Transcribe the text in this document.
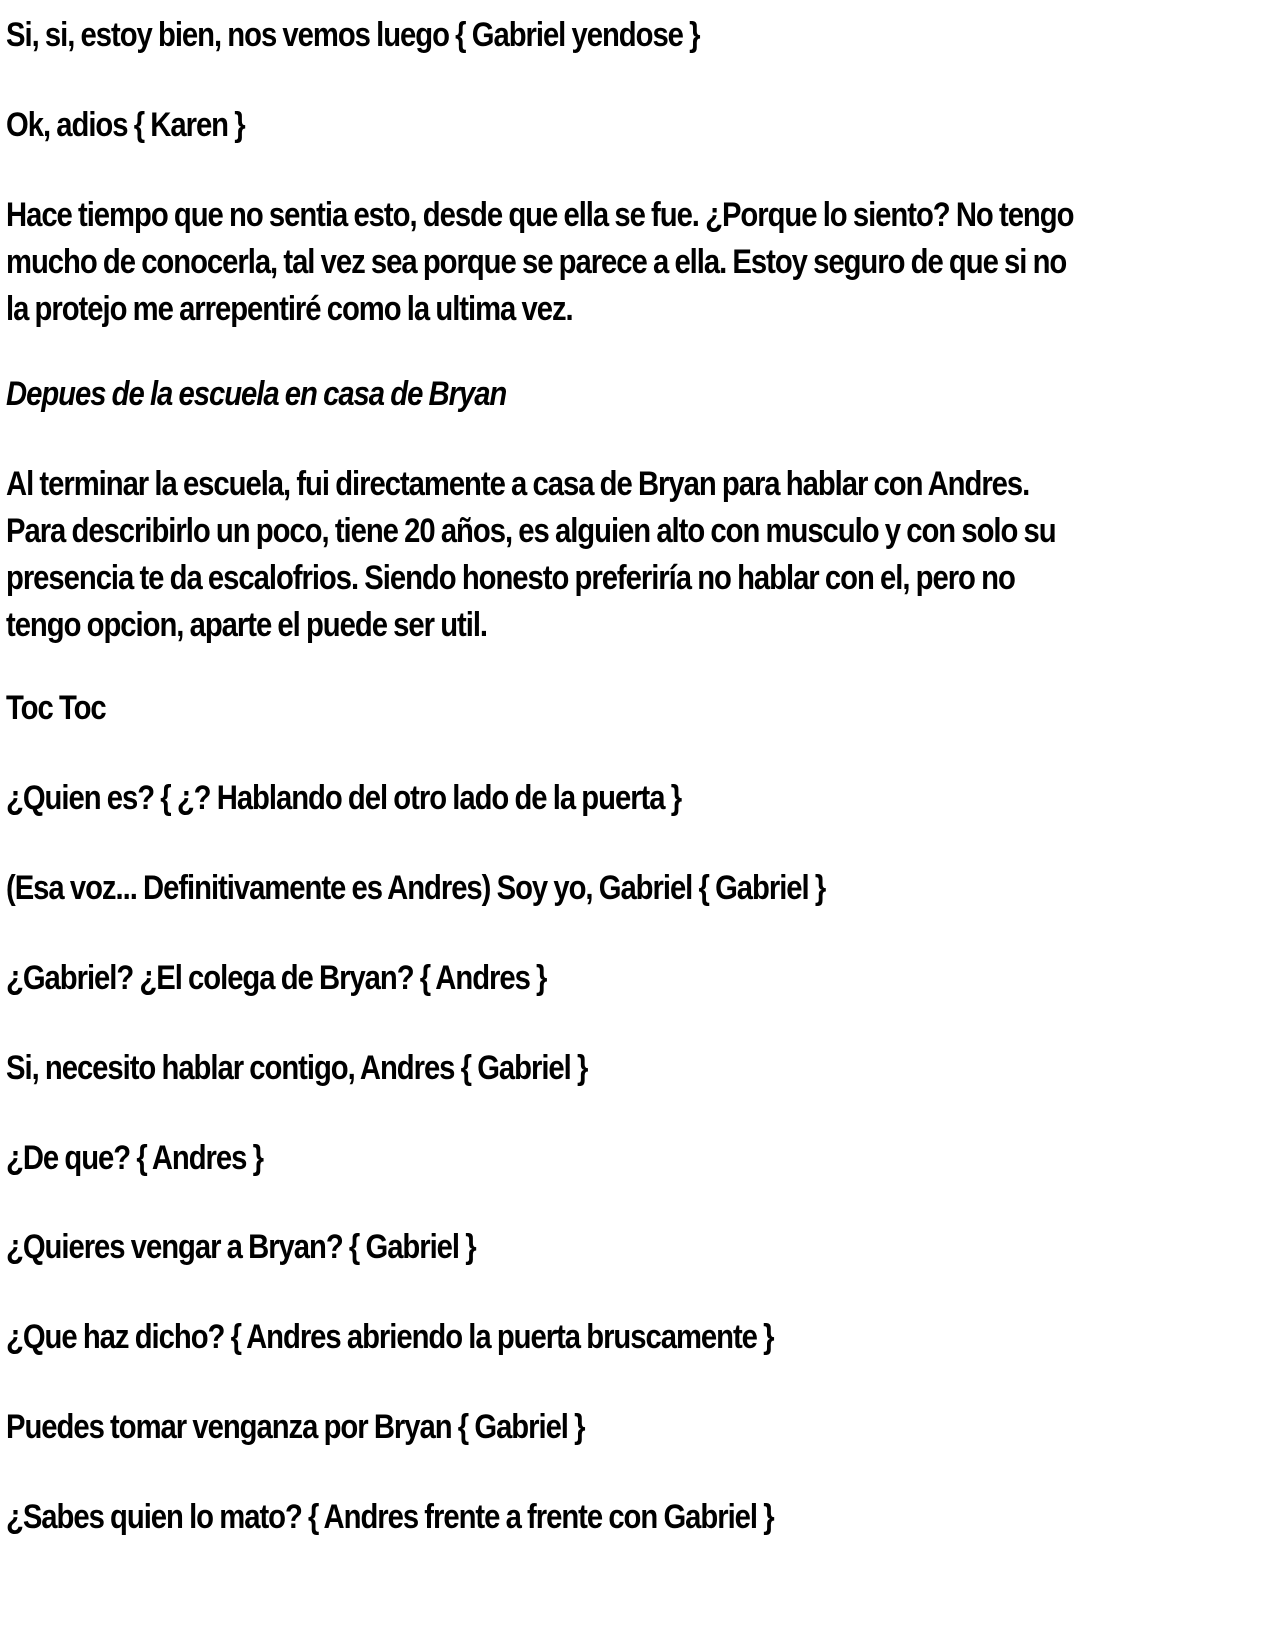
Si, si, estoy bien, nos vemos luego { Gabriel yendose }

Ok, adios { Karen }

Hace tiempo que no sentia esto, desde que ella se fue. ¿Porque lo siento? No tengo
mucho de conocerla, tal vez sea porque se parece a ella. Estoy seguro de que si no
la protejo me arrepentiré como la ultima vez.

Depues de la escuela en casa de Bryan

Al terminar la escuela, fui directamente a casa de Bryan para hablar con Andres.
Para describirlo un poco, tiene 20 años, es alguien alto con musculo y con solo su
presencia te da escalofrios. Siendo honesto preferiría no hablar con el, pero no
tengo opcion, aparte el puede ser util.

Toc Toc

¿Quien es? { ¿? Hablando del otro lado de la puerta }

(Esa voz... Definitivamente es Andres) Soy yo, Gabriel { Gabriel }

¿Gabriel? ¿El colega de Bryan? { Andres }

Si, necesito hablar contigo, Andres { Gabriel }

¿De que? { Andres }

¿Quieres vengar a Bryan? { Gabriel }

¿Que haz dicho? { Andres abriendo la puerta bruscamente }

Puedes tomar venganza por Bryan { Gabriel }

¿Sabes quien lo mato? { Andres frente a frente con Gabriel }
